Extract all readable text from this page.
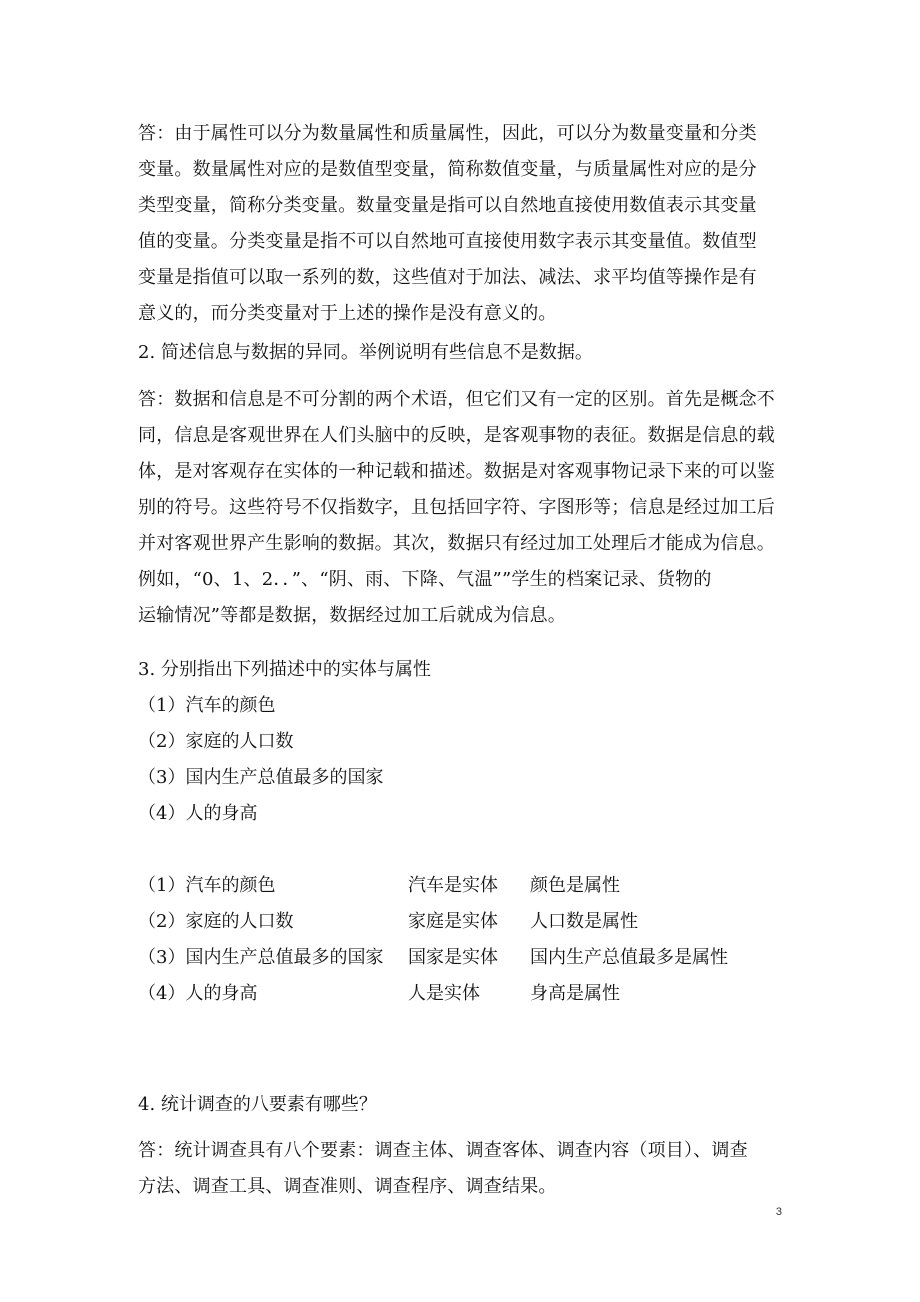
答：由于属性可以分为数量属性和质量属性，因此，可以分为数量变量和分类
变量。数量属性对应的是数值型变量，简称数值变量，与质量属性对应的是分
类型变量，简称分类变量。数量变量是指可以自然地直接使用数值表示其变量
值的变量。分类变量是指不可以自然地可直接使用数字表示其变量值。数值型
变量是指值可以取一系列的数，这些值对于加法、减法、求平均值等操作是有
意义的，而分类变量对于上述的操作是没有意义的。
2. 简述信息与数据的异同。举例说明有些信息不是数据。
答：数据和信息是不可分割的两个术语，但它们又有一定的区别。首先是概念不
同，信息是客观世界在人们头脑中的反映，是客观事物的表征。数据是信息的载
体，是对客观存在实体的一种记载和描述。数据是对客观事物记录下来的可以鉴
别的符号。这些符号不仅指数字，且包括回字符、字图形等；信息是经过加工后
并对客观世界产生影响的数据。其次，数据只有经过加工处理后才能成为信息。
例如，“0、1、2．．”、“阴、雨、下降、气温””学生的档案记录、货物的
运输情况”等都是数据，数据经过加工后就成为信息。
3. 分别指出下列描述中的实体与属性
（1）汽车的颜色
（2）家庭的人口数
（3）国内生产总值最多的国家
（4）人的身高
（1）汽车的颜色	汽车是实体 颜色是属性
（2）家庭的人口数	家庭是实体 人口数是属性
（3）国内生产总值最多的国家 国家是实体 国内生产总值最多是属性
（4）人的身高	人是实体	身高是属性
4. 统计调查的八要素有哪些？
答：统计调查具有八个要素：调查主体、调查客体、调查内容（项目）、调查
方法、调查工具、调查准则、调查程序、调查结果。
3
